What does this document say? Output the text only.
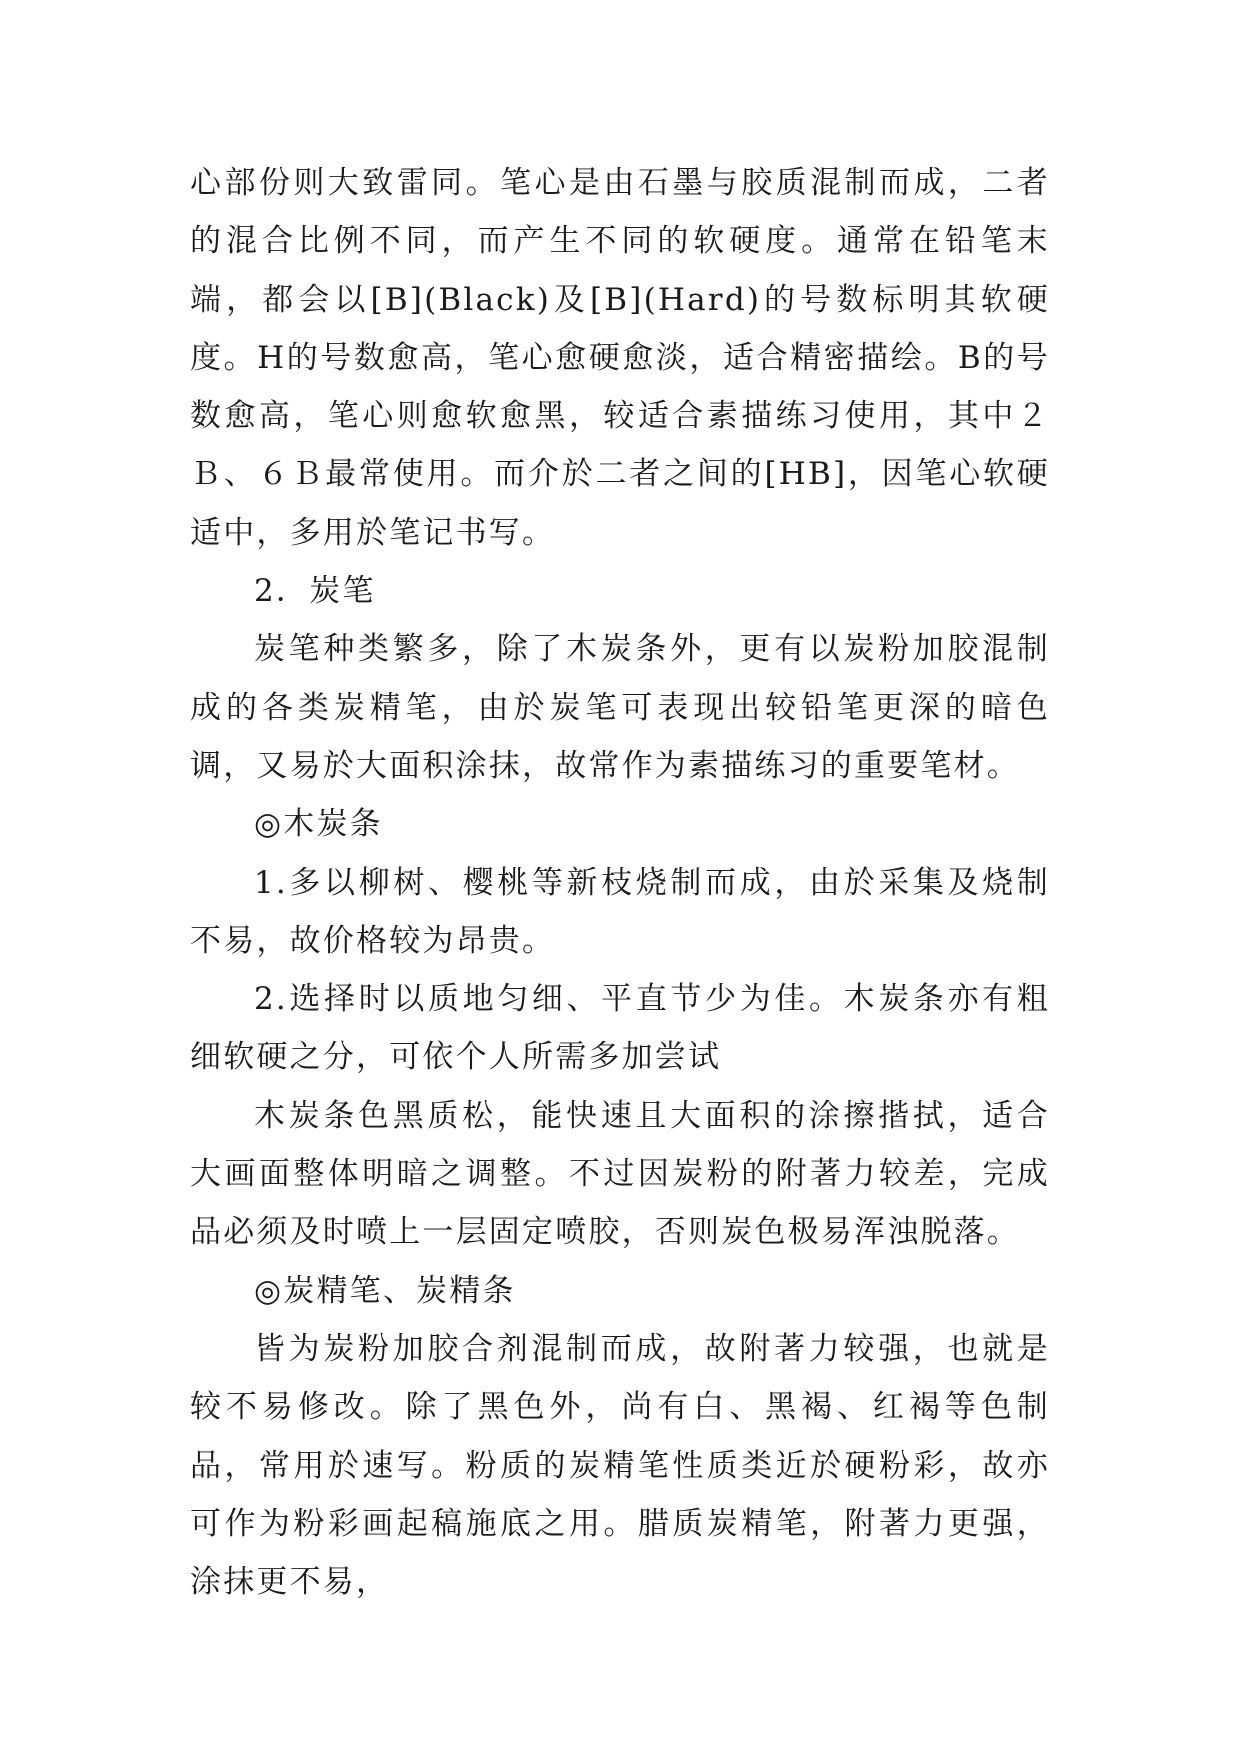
心部份则大致雷同。笔心是由石墨与胶质混制而成，二者的混合比例不同，而产生不同的软硬度。通常在铅笔末端，都会以[B](Black)及[B](Hard)的号数标明其软硬度。H的号数愈高，笔心愈硬愈淡，适合精密描绘。B的号数愈高，笔心则愈软愈黑，较适合素描练习使用，其中２Ｂ、６Ｂ最常使用。而介於二者之间的[HB]，因笔心软硬适中，多用於笔记书写。

2．炭笔

炭笔种类繁多，除了木炭条外，更有以炭粉加胶混制成的各类炭精笔，由於炭笔可表现出较铅笔更深的暗色调，又易於大面积涂抹，故常作为素描练习的重要笔材。

◎木炭条

1.多以柳树、樱桃等新枝烧制而成，由於采集及烧制不易，故价格较为昂贵。

2.选择时以质地匀细、平直节少为佳。木炭条亦有粗细软硬之分，可依个人所需多加尝试

木炭条色黑质松，能快速且大面积的涂擦揩拭，适合大画面整体明暗之调整。不过因炭粉的附著力较差，完成品必须及时喷上一层固定喷胶，否则炭色极易浑浊脱落。

◎炭精笔、炭精条

皆为炭粉加胶合剂混制而成，故附著力较强，也就是较不易修改。除了黑色外，尚有白、黑褐、红褐等色制品，常用於速写。粉质的炭精笔性质类近於硬粉彩，故亦可作为粉彩画起稿施底之用。腊质炭精笔，附著力更强，涂抹更不易，
